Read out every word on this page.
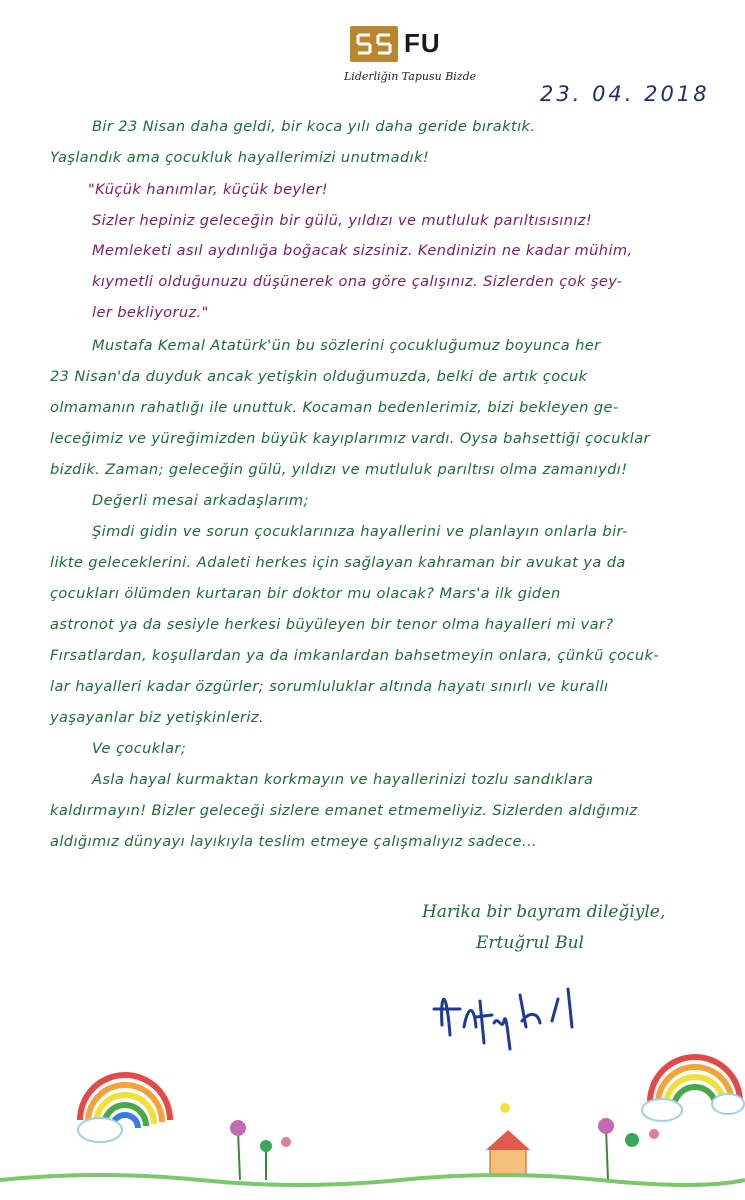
FU
Liderliğin Tapusu Bizde
23. 04. 2018
Bir 23 Nisan daha geldi, bir koca yılı daha geride bıraktık.
Yaşlandık ama çocukluk hayallerimizi unutmadık!
"Küçük hanımlar, küçük beyler!
Sizler hepiniz geleceğin bir gülü, yıldızı ve mutluluk parıltısısınız!
Memleketi asıl aydınlığa boğacak sizsiniz. Kendinizin ne kadar mühim,
kıymetli olduğunuzu düşünerek ona göre çalışınız. Sizlerden çok şey-
ler bekliyoruz."
Mustafa Kemal Atatürk'ün bu sözlerini çocukluğumuz boyunca her
23 Nisan'da duyduk ancak yetişkin olduğumuzda, belki de artık çocuk
olmamanın rahatlığı ile unuttuk. Kocaman bedenlerimiz, bizi bekleyen ge-
leceğimiz ve yüreğimizden büyük kayıplarımız vardı. Oysa bahsettiği çocuklar
bizdik. Zaman; geleceğin gülü, yıldızı ve mutluluk parıltısı olma zamanıydı!
Değerli mesai arkadaşlarım;
Şimdi gidin ve sorun çocuklarınıza hayallerini ve planlayın onlarla bir-
likte geleceklerini. Adaleti herkes için sağlayan kahraman bir avukat ya da
çocukları ölümden kurtaran bir doktor mu olacak? Mars'a ilk giden
astronot ya da sesiyle herkesi büyüleyen bir tenor olma hayalleri mi var?
Fırsatlardan, koşullardan ya da imkanlardan bahsetmeyin onlara, çünkü çocuk-
lar hayalleri kadar özgürler; sorumluluklar altında hayatı sınırlı ve kurallı
yaşayanlar biz yetişkinleriz.
Ve çocuklar;
Asla hayal kurmaktan korkmayın ve hayallerinizi tozlu sandıklara
kaldırmayın! Bizler geleceği sizlere emanet etmemeliyiz. Sizlerden aldığımız
aldığımız dünyayı layıkıyla teslim etmeye çalışmalıyız sadece...
Harika bir bayram dileğiyle,
Ertuğrul Bul
